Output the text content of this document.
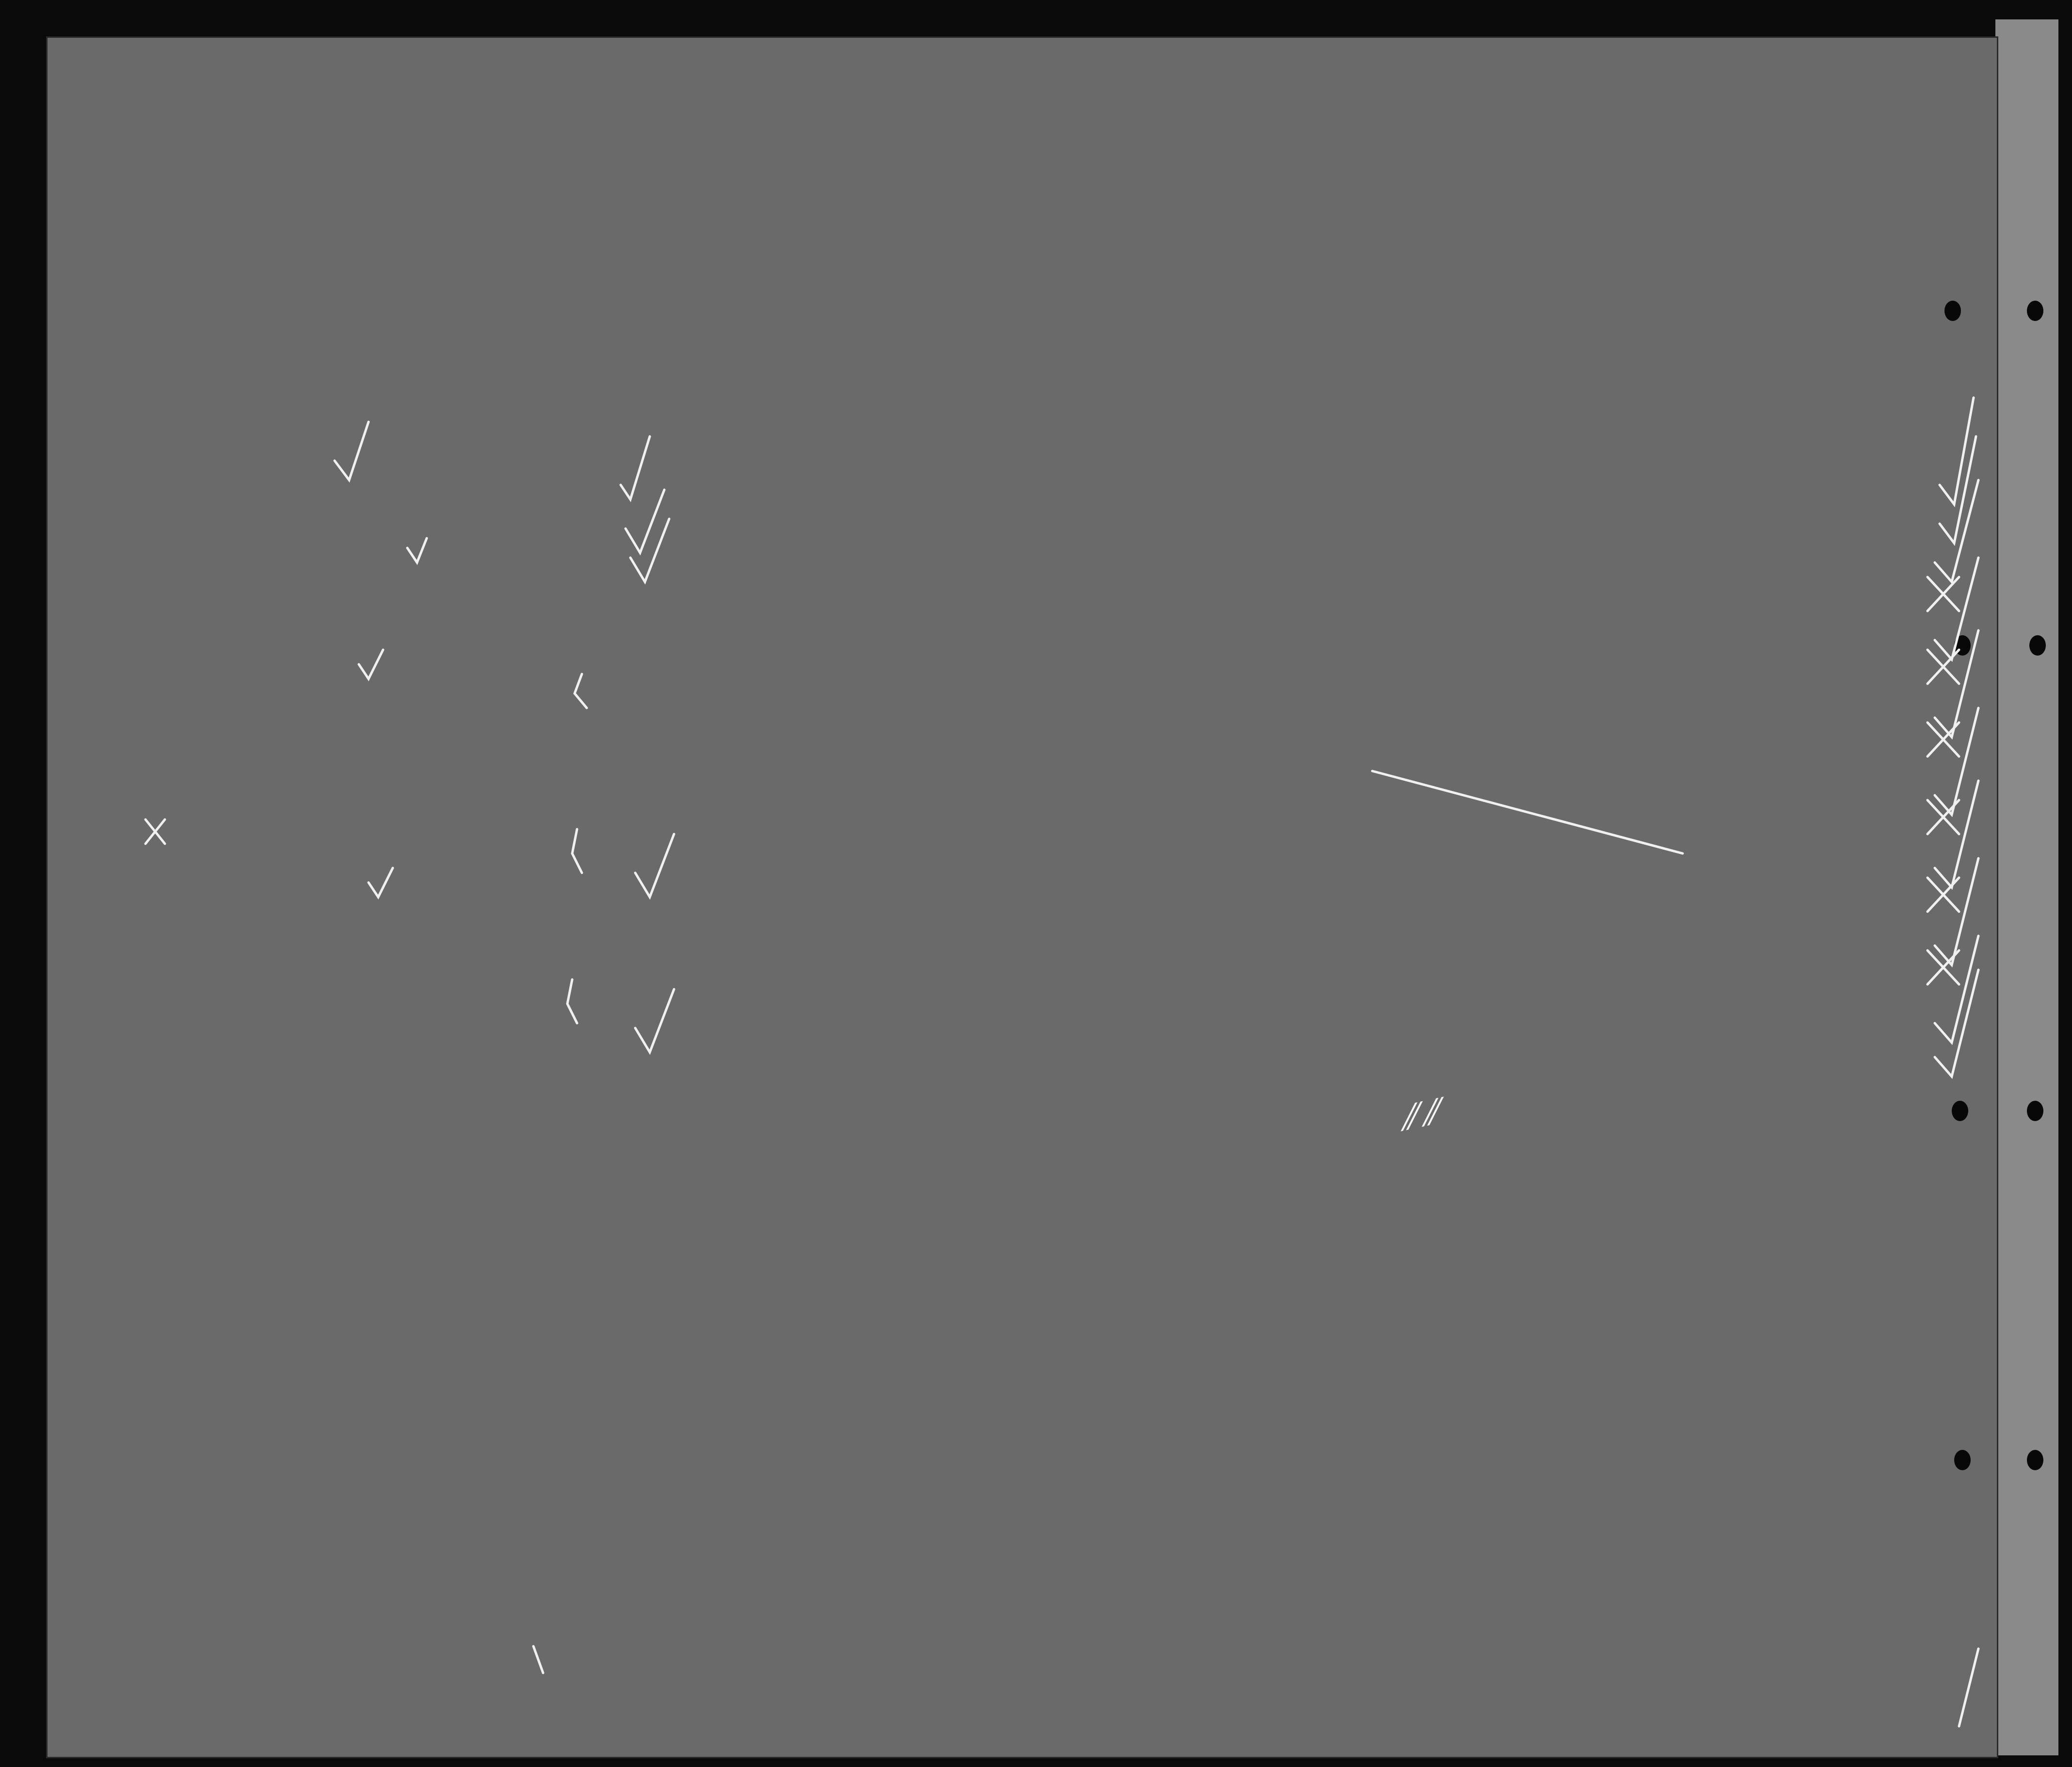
⁄⁄ ⁄⁄
